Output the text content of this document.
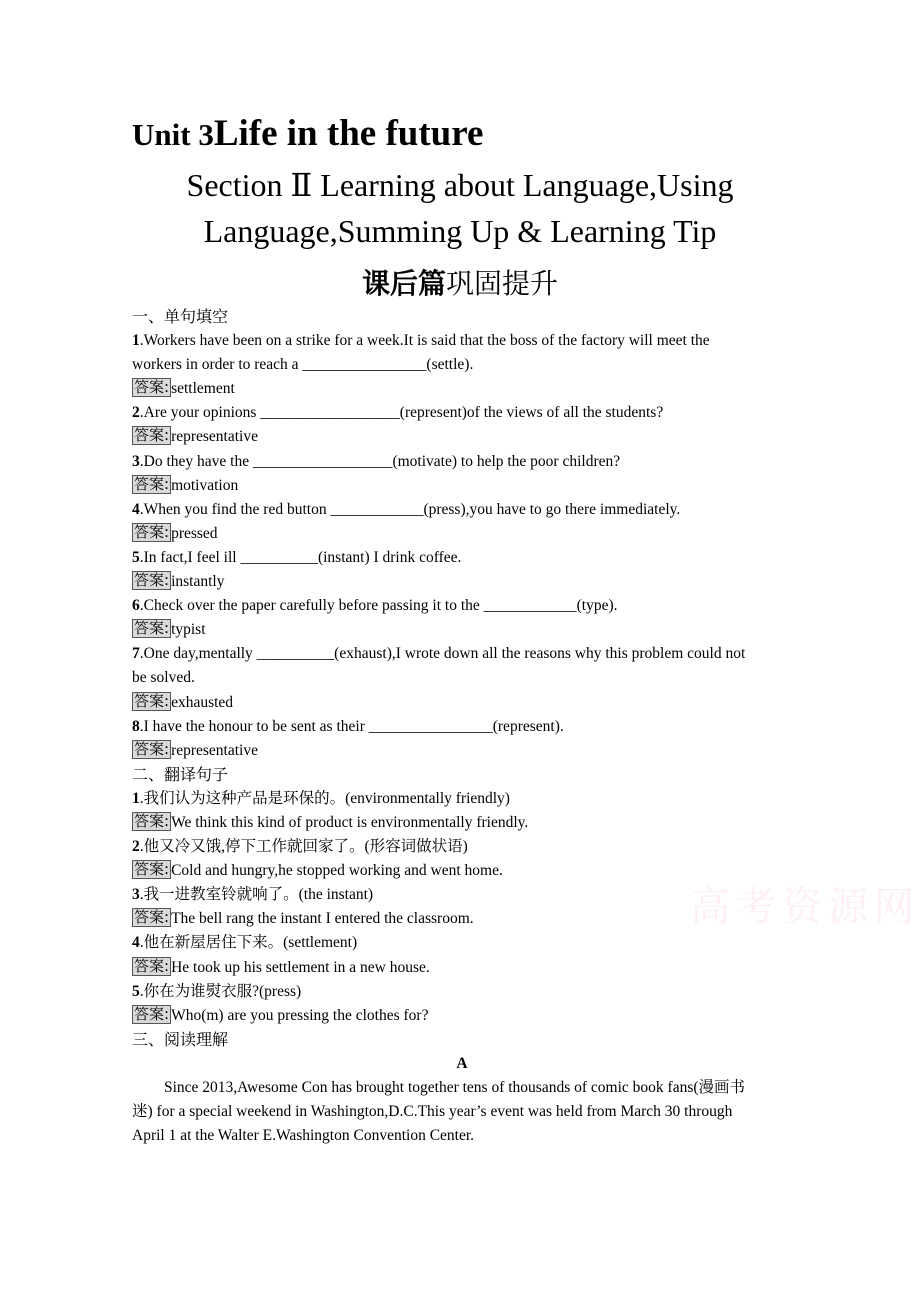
Unit 3Life in the future
Section Ⅱ Learning about Language,Using
Language,Summing Up & Learning Tip
课后篇巩固提升
一、单句填空
1.Workers have been on a strike for a week.It is said that the boss of the factory will meet the
workers in order to reach a ________________(settle).
答案: settlement
2.Are your opinions __________________(represent)of the views of all the students?
答案: representative
3.Do they have the __________________(motivate) to help the poor children?
答案: motivation
4.When you find the red button ____________(press),you have to go there immediately.
答案: pressed
5.In fact,I feel ill __________(instant) I drink coffee.
答案: instantly
6.Check over the paper carefully before passing it to the ____________(type).
答案: typist
7.One day,mentally __________(exhaust),I wrote down all the reasons why this problem could not
be solved.
答案: exhausted
8.I have the honour to be sent as their ________________(represent).
答案: representative
二、翻译句子
1.我们认为这种产品是环保的。(environmentally friendly)
答案: We think this kind of product is environmentally friendly.
2.他又冷又饿,停下工作就回家了。(形容词做状语)
答案: Cold and hungry,he stopped working and went home.
3.我一进教室铃就响了。(the instant)
答案: The bell rang the instant I entered the classroom.
4.他在新屋居住下来。(settlement)
答案: He took up his settlement in a new house.
5.你在为谁熨衣服?(press)
答案: Who(m) are you pressing the clothes for?
三、阅读理解
A
Since 2013,Awesome Con has brought together tens of thousands of comic book fans(漫画书
迷) for a special weekend in Washington,D.C.This year’s event was held from March 30 through
April 1 at the Walter E.Washington Convention Center.
高考资源网
